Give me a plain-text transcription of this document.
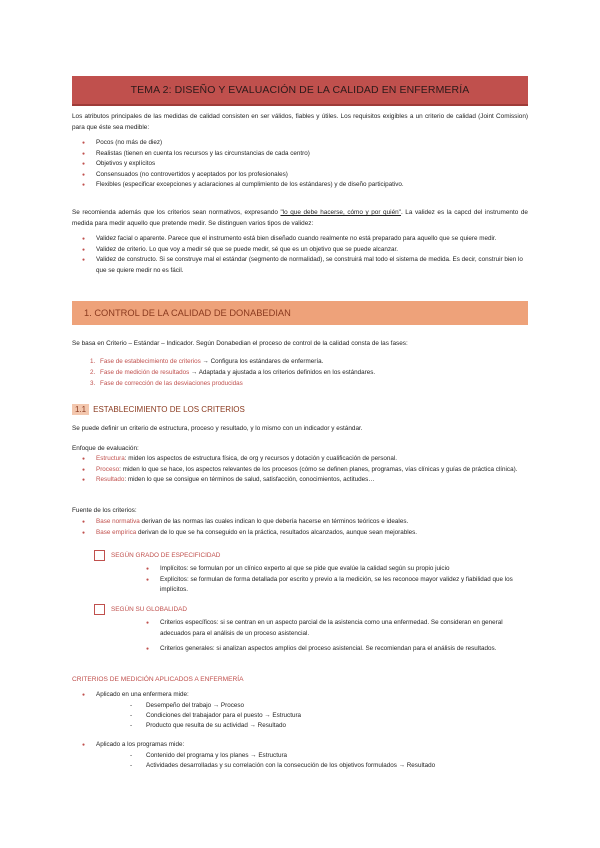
TEMA 2: DISEÑO Y EVALUACIÓN DE LA CALIDAD EN ENFERMERÍA
Los atributos principales de las medidas de calidad consisten en ser válidos, fiables y útiles. Los requisitos exigibles a un criterio de calidad (Joint Comission) para que éste sea medible:
● Pocos (no más de diez)
● Realistas (tienen en cuenta los recursos y las circunstancias de cada centro)
● Objetivos y explícitos
● Consensuados (no controvertidos y aceptados por los profesionales)
● Flexibles (especificar excepciones y aclaraciones al cumplimiento de los estándares) y de diseño participativo.
Se recomienda además que los criterios sean normativos, expresando "lo que debe hacerse, cómo y por quién". La validez es la capcd del instrumento de medida para medir aquello que pretende medir. Se distinguen varios tipos de validez:
● Validez facial o aparente. Parece que el instrumento está bien diseñado cuando realmente no está preparado para aquello que se quiere medir.
● Validez de criterio. Lo que voy a medir sé que se puede medir, sé que es un objetivo que se puede alcanzar.
● Validez de constructo. Si se construye mal el estándar (segmento de normalidad), se construirá mal todo el sistema de medida. Es decir, construir bien lo que se quiere medir no es fácil.
1. CONTROL DE LA CALIDAD DE DONABEDIAN
Se basa en Criterio – Estándar – Indicador. Según Donabedian el proceso de control de la calidad consta de las fases:
1. Fase de establecimiento de criterios → Configura los estándares de enfermería.
2. Fase de medición de resultados → Adaptada y ajustada a los criterios definidos en los estándares.
3. Fase de corrección de las desviaciones producidas
1.1 ESTABLECIMIENTO DE LOS CRITERIOS
Se puede definir un criterio de estructura, proceso y resultado, y lo mismo con un indicador y estándar.
Enfoque de evaluación:
● Estructura: miden los aspectos de estructura física, de org y recursos y dotación y cualificación de personal.
● Proceso: miden lo que se hace, los aspectos relevantes de los procesos (cómo se definen planes, programas, vías clínicas y guías de práctica clínica).
● Resultado: miden lo que se consigue en términos de salud, satisfacción, conocimientos, actitudes…
Fuente de los criterios:
● Base normativa derivan de las normas las cuales indican lo que debería hacerse en términos teóricos e ideales.
● Base empírica derivan de lo que se ha conseguido en la práctica, resultados alcanzados, aunque sean mejorables.
SEGÚN GRADO DE ESPECIFICIDAD
● Implícitos: se formulan por un clínico experto al que se pide que evalúe la calidad según su propio juicio
● Explícitos: se formulan de forma detallada por escrito y previo a la medición, se les reconoce mayor validez y fiabilidad que los implícitos.
SEGÚN SU GLOBALIDAD
● Criterios específicos: si se centran en un aspecto parcial de la asistencia como una enfermedad. Se consideran en general adecuados para el análisis de un proceso asistencial.
● Criterios generales: si analizan aspectos amplios del proceso asistencial. Se recomiendan para el análisis de resultados.
CRITERIOS DE MEDICIÓN APLICADOS A ENFERMERÍA
● Aplicado en una enfermera mide:
- Desempeño del trabajo → Proceso
- Condiciones del trabajador para el puesto → Estructura
- Producto que resulta de su actividad → Resultado
● Aplicado a los programas mide:
- Contenido del programa y los planes → Estructura
- Actividades desarrolladas y su correlación con la consecución de los objetivos formulados → Resultado
